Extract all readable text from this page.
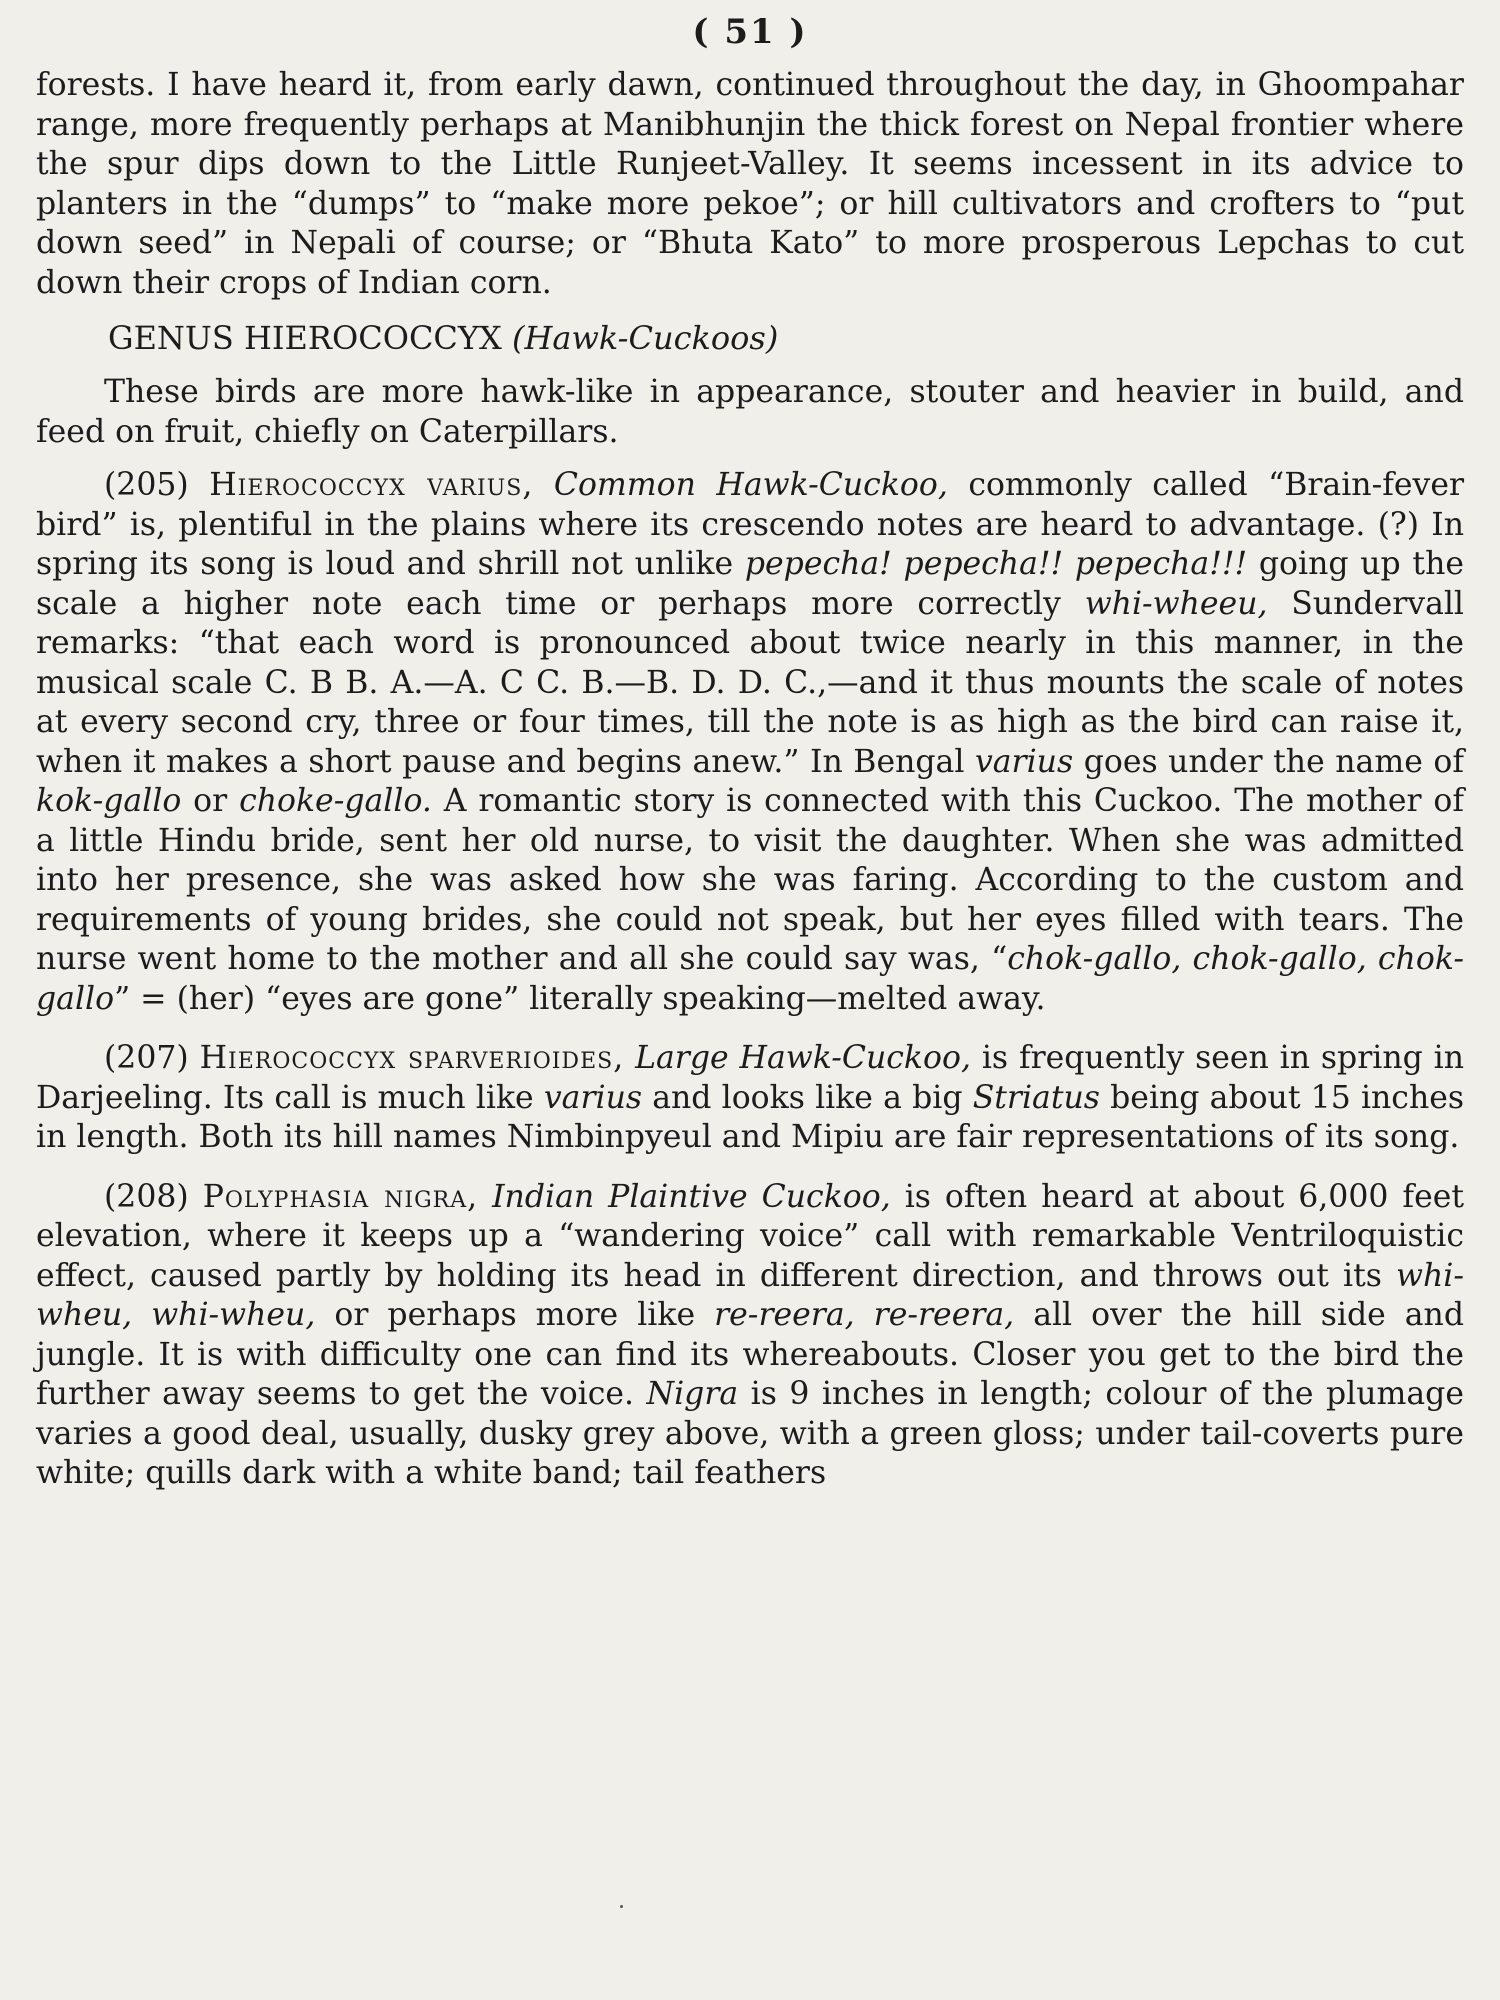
( 51 )

forests. I have heard it, from early dawn, continued throughout the day, in Ghoompahar range, more frequently perhaps at Manibhunjin the thick forest on Nepal frontier where the spur dips down to the Little Runjeet-Valley. It seems incessent in its advice to planters in the “dumps” to “make more pekoe”; or hill cultivators and crofters to “put down seed” in Nepali of course; or “Bhuta Kato” to more prosperous Lepchas to cut down their crops of Indian corn.

GENUS HIEROCOCCYX (Hawk-Cuckoos)

These birds are more hawk-like in appearance, stouter and heavier in build, and feed on fruit, chiefly on Caterpillars.

(205) Hierococcyx varius, Common Hawk-Cuckoo, commonly called “Brain-fever bird” is, plentiful in the plains where its crescendo notes are heard to advantage. (?) In spring its song is loud and shrill not unlike pepecha! pepecha!! pepecha!!! going up the scale a higher note each time or perhaps more correctly whi-wheeu, Sundervall remarks: “that each word is pronounced about twice nearly in this manner, in the musical scale C. B B. A.—A. C C. B.—B. D. D. C.,—and it thus mounts the scale of notes at every second cry, three or four times, till the note is as high as the bird can raise it, when it makes a short pause and begins anew.” In Bengal varius goes under the name of kok-gallo or choke-gallo. A romantic story is connected with this Cuckoo. The mother of a little Hindu bride, sent her old nurse, to visit the daughter. When she was admitted into her presence, she was asked how she was faring. According to the custom and requirements of young brides, she could not speak, but her eyes filled with tears. The nurse went home to the mother and all she could say was, “chok-gallo, chok-gallo, chok-gallo” = (her) “eyes are gone” literally speaking—melted away.

(207) Hierococcyx sparverioides, Large Hawk-Cuckoo, is frequently seen in spring in Darjeeling. Its call is much like varius and looks like a big Striatus being about 15 inches in length. Both its hill names Nimbinpyeul and Mipiu are fair representations of its song.

(208) Polyphasia nigra, Indian Plaintive Cuckoo, is often heard at about 6,000 feet elevation, where it keeps up a “wandering voice” call with remarkable Ventriloquistic effect, caused partly by holding its head in different direction, and throws out its whi-wheu, whi-wheu, or perhaps more like re-reera, re-reera, all over the hill side and jungle. It is with difficulty one can find its whereabouts. Closer you get to the bird the further away seems to get the voice. Nigra is 9 inches in length; colour of the plumage varies a good deal, usually, dusky grey above, with a green gloss; under tail-coverts pure white; quills dark with a white band; tail feathers
